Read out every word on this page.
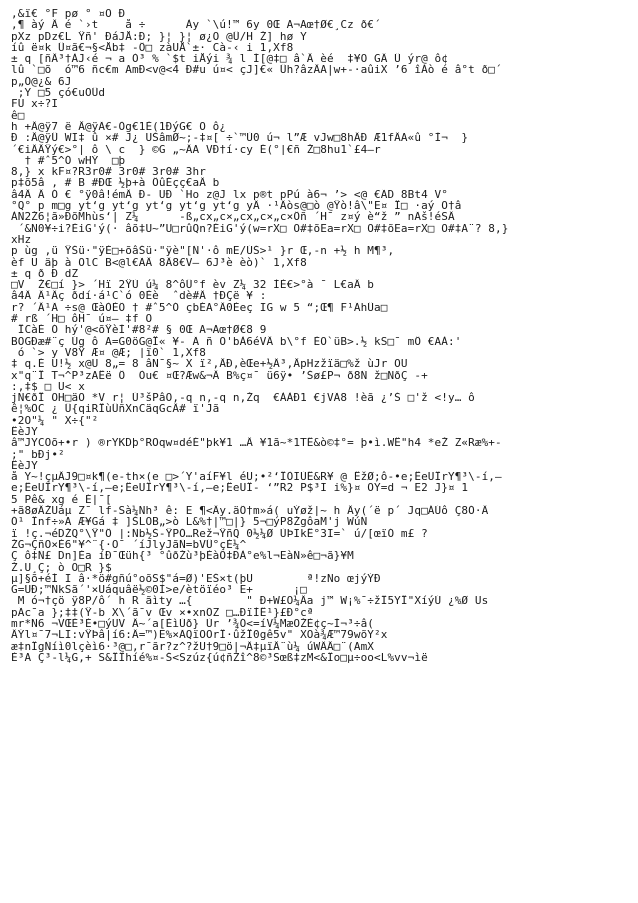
,&ï€ °F pø ° ¤O Ð
,¶ àý Â é `›t    å ÷      Ày `\ú!™ 6y 0Œ A¬Aœ†Ø€¸Cz ð€´
pXz pDz€L Ÿñ' ÐáJÅ:Ð; }¦ }¦ ø¿O @Û/H Ž] hø Y
íû ë¤k Û¤ã€¬§<Åb‡ -Ô□ zàÜÅ`±· Cà-‹ i 1,Xf8
± q [ñÂ³†ÀJ‹é ¬ a Ò³ % `$t iÅýi ¾ l Í[@‡□ â`Ä èé_ ‡¥O GÂ Û ýr@ ô¢
lû `□õ  ó™6 ñc€m AmÐ<v@<4 Ð#u ú¤< çJ]€« Ûh?âzÄA|w+-·aûiX ’6 îÁò é â°t ð□´
p„Õ@¿& 6J
;Y □5 çó€uÖÛd
FÜ x÷?I
ê□
h +Â@ÿ7 ë Ä@ÿÃ€-Òg€1È(1ÐýG€ Ö ô¿
Ð :Ä@ÿÛ WI‡ û ×# J¿ ÜŠâmØ~;-‡¤[ ÷`™Ù0 ú¬ l”Æ vJw□8hÂÐ Æ1fÂA«û °Ì¬  }
´€iÂÄŸý€>°| ô \ c  } ©G „~ÂA VÐ†í·cy É(°|€ñ Ž□8hu1`£4—r
_ † #ˆ5^Ó wHÝ  □þ
8,} x kF¤?R3r0# 3r0# 3r0# 3hr
p‡õ5â , # B #ÐŒ ½þ+à ÔûÉçç€aÂ b
â4Â Â Ó € °ÿ0â!émÂ Ð- ÜÐ `Ho z@J lx p®t pPú à6¬ ’> <@ €ÃD 8Bt4 V°
°Q° p m□g yt‘g yt‘g yt‘g yt‘g yt‘g yÂ ·¹Âòs@□ò @Ÿò!â\"E¤ Ï□ ·aý Ö†â
ÀN2Ž6¦ã»ÐõMhùs‘| Z¼      -ß„cx„c×„cx„c×„c×Ôñ ´H¯ z¤ý è“ž ” nÃš!éSÂ
´&N0¥÷i?ÈiG'ý(· âõ‡Ü~”Ü□rûQn?ÉiG'ý(w=rX□ Ö#‡õEa=rX□ Ö#‡õEa=rX□ Ö#‡A¨? 8,}
xHz
p ùg ,ü ŸŠü·"ÿÈ□+õâŠü·"ÿè"[Ñ'·ô mE/ÚŠ>¹ }r Œ,-n +½ h M¶³,
èf Ü äþ à ÖlC B<@l€ÃÂ 8Â8€V— 6J³è èò)` 1,Xf8
± q ð Ð dZ
□V  Ž€□í }> ´Hï 2ŸÙ ú¼ 8^ôÛ°f èv Z¼ 32 ÌÈ€>°à ¯_L€aÂ b
â4Â Â¹Âç ðdí·á¹C`ó 0Èè  ˆdè#Â †ÐÇë ¥ :
r? ´Â¹Ã ÷s@ ŒàÒÈÕ † #ˆ5^Ó çbÉA°Â0Èeç IG w 5 “;Œ¶ F¹ÃhÛa□
# rß ´H□ ôH¯ ú¤— ‡f Ö
ÏCàÉ Ó hý'@<õŸèÌ'#8²# § 0Œ A¬Aœ†Ø€8 9
BOGÐæ#¨ç Úg ô A=G0öG@Ï« ¥- Ã ñ Ö'bÀ6éVÂ b\°f_ÈÖ`üB>.½ kS□¯ mÔ €AÀ:'
ó `> y V8Ÿ Æ¤ @Æ; |ï0` 1,Xf8
‡ q.É Ü!½ x@Ü 8„= 8 âN¯§~ X ï²,ÄÐ,èŒe+½Â³,ÄpHzžïä□%ž ùJr OÜ
x"q¨Ï T¬^P³zAÊë Ô_ Òu€ ¤Œ?Æw&¬Â B%ç¤¯ ü6ÿ• ’Šø£P¬ ð8Ñ ž□NðÇ -+
:,‡$ □ Ü< x
jN€ðÏ OH□äO *V r¦ Ú³šPâO,-q n,-q n,Žq  €ÀÀÐ1 €jVÃ8 !èã ¿’Š □'ž <!y… ô
ê¦%ÕC ¿ Û{qiRÏùÛñXnCäqGcÂ# ï'Jã
•2O"¼ " X÷{"²
ÊèJY
â™JYCÖõ+•r ) ®rYKDþ°RÖqw¤déÉ"þk¥1 …Â ¥1ã~*1TÊ&ò©‡°= þ•ì.WÊ"h4 *eŽ Z«Ræ%+-
;" bÐj•²
ÊèJY
å Y~!çµÂJ9□¤k¶(e-th×(e □>´Y'aíF¥l éÜ;•²‘ÎÒIÙÊ&R¥ @ ÊžØ;ô-•e;ÊeÜÎrY¶³\-í,—
e;ÊeÜÎrY¶³\-í,—e;ÊeÜÎrY¶³\-í,—e;ÊeÜÎ- ‘”R2 P$³I i%}¤ OY=d ¬ E2 J}¤ 1
5 Pê& xg é É|¯[
+ã8øÂŽÜáµ Z¯ lf-Sà¼Nh³ ê: E ¶<Ây.äÕ†m»á( uÝøž|~ h Ây(´ë p´ Jq□ÁÚô Ç8Ó·Â
Ó¹ Înf÷»A Æ¥Gá ‡ ]ŠLÖB„>ò L&%†|™□|} 5¬□ýP8ŽgôaM'j WúÑ
ï !ç.¬éDŽQ°\Ÿ"Ô |:Ñb½Š-ŸPÓ…Rež¬ŸñQ 0½¼Ø ÙÞIkË°3I=` ú/[œïÓ m£ ?
ŽG¬ÇñÖ×È6"¥^¨{·O¯ ´íJlyJãÑ=bVÛ°çÉ¼^
Ç ô‡Ñ£ Dn]Èa íÐ¯Œüh{³ °ûðŽù³þÈàÕ‡ÐÀ°e%l¬EàÑ»ê□¬ã}¥M
Ž.U¸Ç; ò O□R }$
µ]§õ+éÍ I â·*ö#gñú°oõS$"á=Ø)'EŠ×t(þU        ª!zNo_œjýÝÐ
G=ÜÐ;™NkSã´'×Üáquâë½©0Ì>e/ètöïéo³ E+      ¡□
M ó¬†çö ÿ8P/ô´ h R ãìty …{        " Ð+W£O¼Âa j™ W¡%¯÷žÎ5YÏ"XíýÚ ¿%Ø Us
pÃc¯a };‡‡(Ÿ-b X\´ã¯v Œv ×•xnÕZ □…ÐïÌÊ¹}£Ð°cª
mr*N6 ¬VŒÈ³È•□ýÜV Â~´a[ÈìÚð} Ùr ’¾Ó<=íV¼MæÖŽÈ¢ç~Ì¬³÷â(
ÂÝl¤¯7¬LI:vŸÞâ|í6:Â=™)E%×ÃQïÖÖrÎ·ûžÏ0gê5v" XOà¾Æ™79wõY²x
æ‡nÎgÑíì0lçèì6·³@□,r¯ãr?z^?žÜ†9□ö|¬Â‡µïÄ¨ù¼ úWÂÄ□¨(AmX
È³A Ç³-l¼G,+ S&ÎÎhíé%¤-Š<Szúz{ú¢ñŽî^8©³Sœß‡zM<&Îo□µ÷oo<L%vv¬ìë
